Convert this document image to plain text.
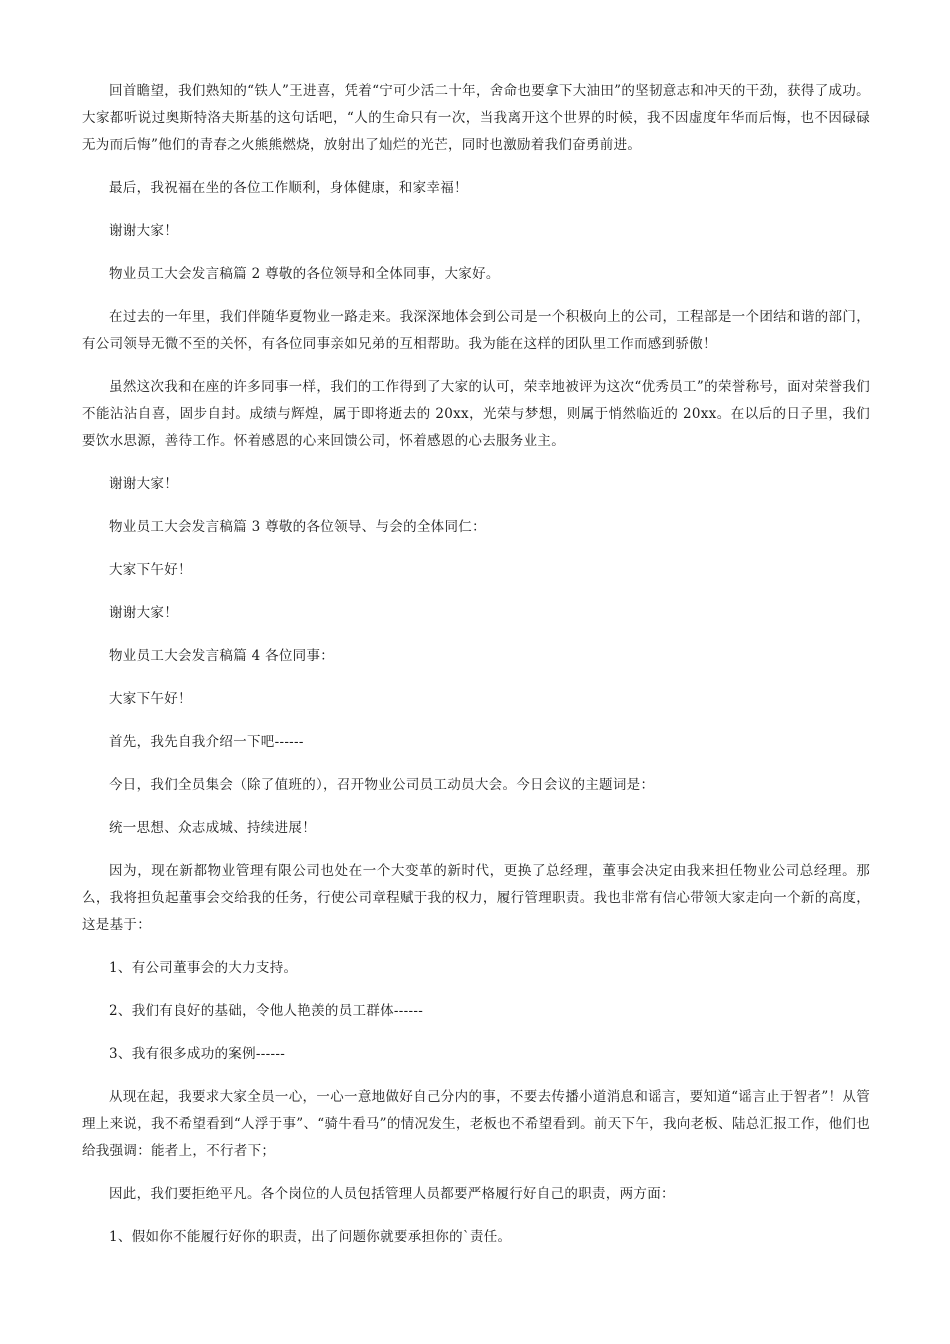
回首瞻望，我们熟知的“铁人”王进喜，凭着“宁可少活二十年，舍命也要拿下大油田”的坚韧意志和冲天的干劲，获得了成功。大家都听说过奥斯特洛夫斯基的这句话吧，“人的生命只有一次，当我离开这个世界的时候，我不因虚度年华而后悔，也不因碌碌无为而后悔”他们的青春之火熊熊燃烧，放射出了灿烂的光芒，同时也激励着我们奋勇前进。

最后，我祝福在坐的各位工作顺利，身体健康，和家幸福！

谢谢大家！

物业员工大会发言稿篇 2 尊敬的各位领导和全体同事，大家好。

在过去的一年里，我们伴随华夏物业一路走来。我深深地体会到公司是一个积极向上的公司，工程部是一个团结和谐的部门，有公司领导无微不至的关怀，有各位同事亲如兄弟的互相帮助。我为能在这样的团队里工作而感到骄傲！

虽然这次我和在座的许多同事一样，我们的工作得到了大家的认可，荣幸地被评为这次“优秀员工”的荣誉称号，面对荣誉我们不能沾沾自喜，固步自封。成绩与辉煌，属于即将逝去的 20xx，光荣与梦想，则属于悄然临近的 20xx。在以后的日子里，我们要饮水思源，善待工作。怀着感恩的心来回馈公司，怀着感恩的心去服务业主。

谢谢大家！

物业员工大会发言稿篇 3 尊敬的各位领导、与会的全体同仁：

大家下午好！

谢谢大家！

物业员工大会发言稿篇 4 各位同事：

大家下午好！

首先，我先自我介绍一下吧------

今日，我们全员集会（除了值班的），召开物业公司员工动员大会。今日会议的主题词是：

统一思想、众志成城、持续进展！

因为，现在新都物业管理有限公司也处在一个大变革的新时代，更换了总经理，董事会决定由我来担任物业公司总经理。那么，我将担负起董事会交给我的任务，行使公司章程赋于我的权力，履行管理职责。我也非常有信心带领大家走向一个新的高度，这是基于：

1、有公司董事会的大力支持。

2、我们有良好的基础，令他人艳羡的员工群体------

3、我有很多成功的案例------

从现在起，我要求大家全员一心，一心一意地做好自己分内的事，不要去传播小道消息和谣言，要知道“谣言止于智者”！从管理上来说，我不希望看到“人浮于事”、“骑牛看马”的情况发生，老板也不希望看到。前天下午，我向老板、陆总汇报工作，他们也给我强调：能者上，不行者下；

因此，我们要拒绝平凡。各个岗位的人员包括管理人员都要严格履行好自己的职责，两方面：

1、假如你不能履行好你的职责，出了问题你就要承担你的`责任。
